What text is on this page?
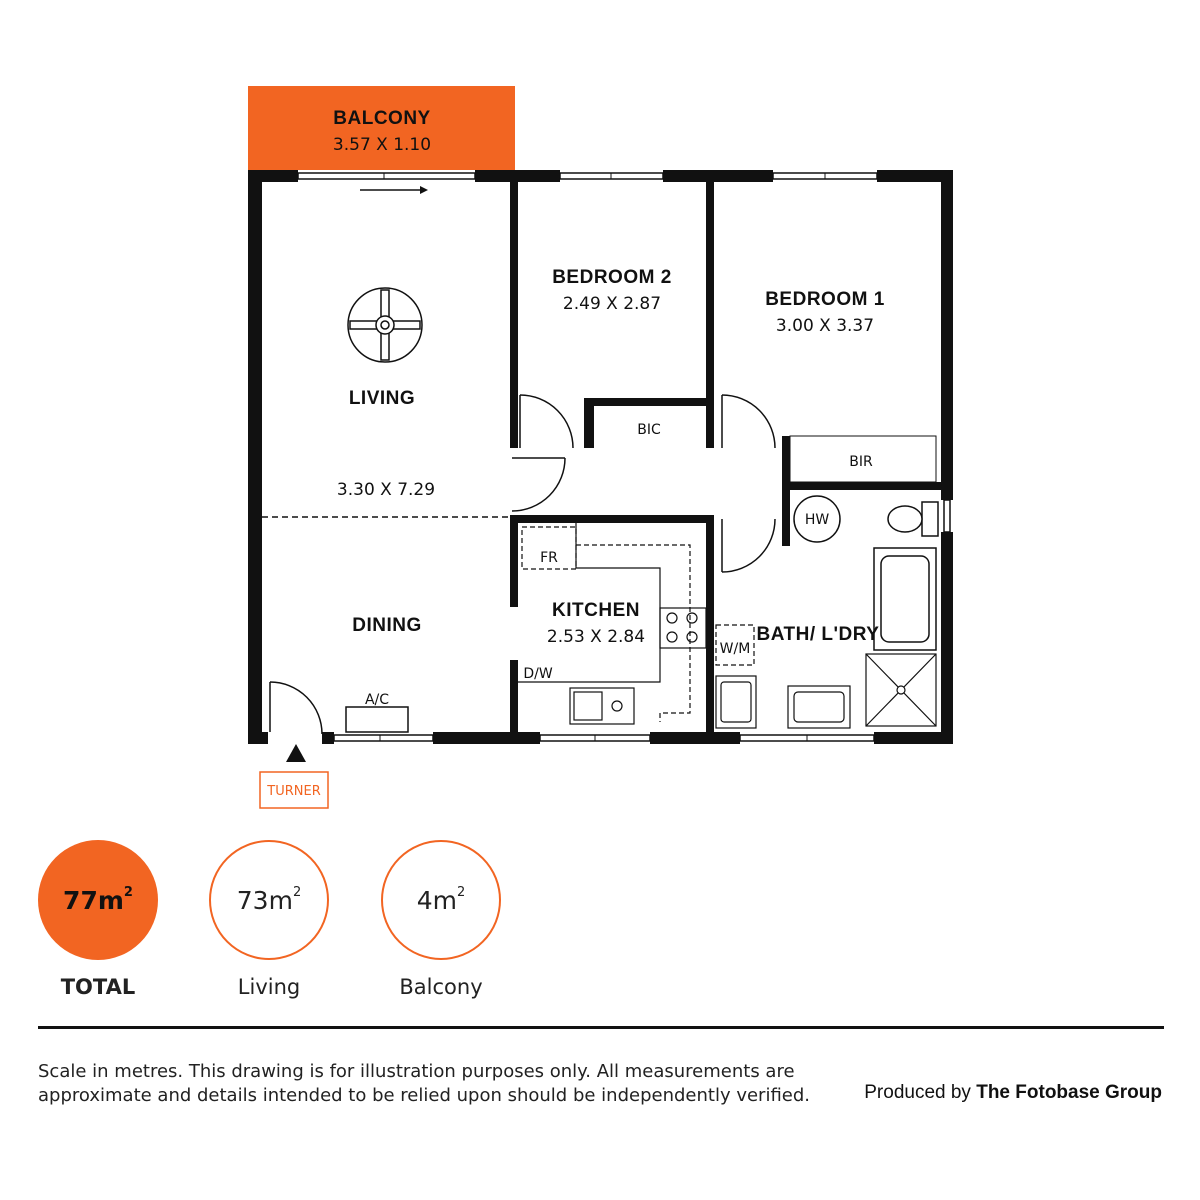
BALCONY
3.57 X 1.10
TURNER
LIVING
3.30 X 7.29
DINING
A/C
BEDROOM 2
2.49 X 2.87
BIC
BEDROOM 1
3.00 X 3.37
BIR
FR
D/W
KITCHEN
2.53 X 2.84
HW
W/M
BATH/ L'DRY
$77m^2$
TOTAL
$73m^2$
Living
$4m^2$
Balcony
Scale in metres. This drawing is for illustration purposes only. All measurements are approximate and details intended to be relied upon should be independently verified.	Produced by The Fotobase Group
